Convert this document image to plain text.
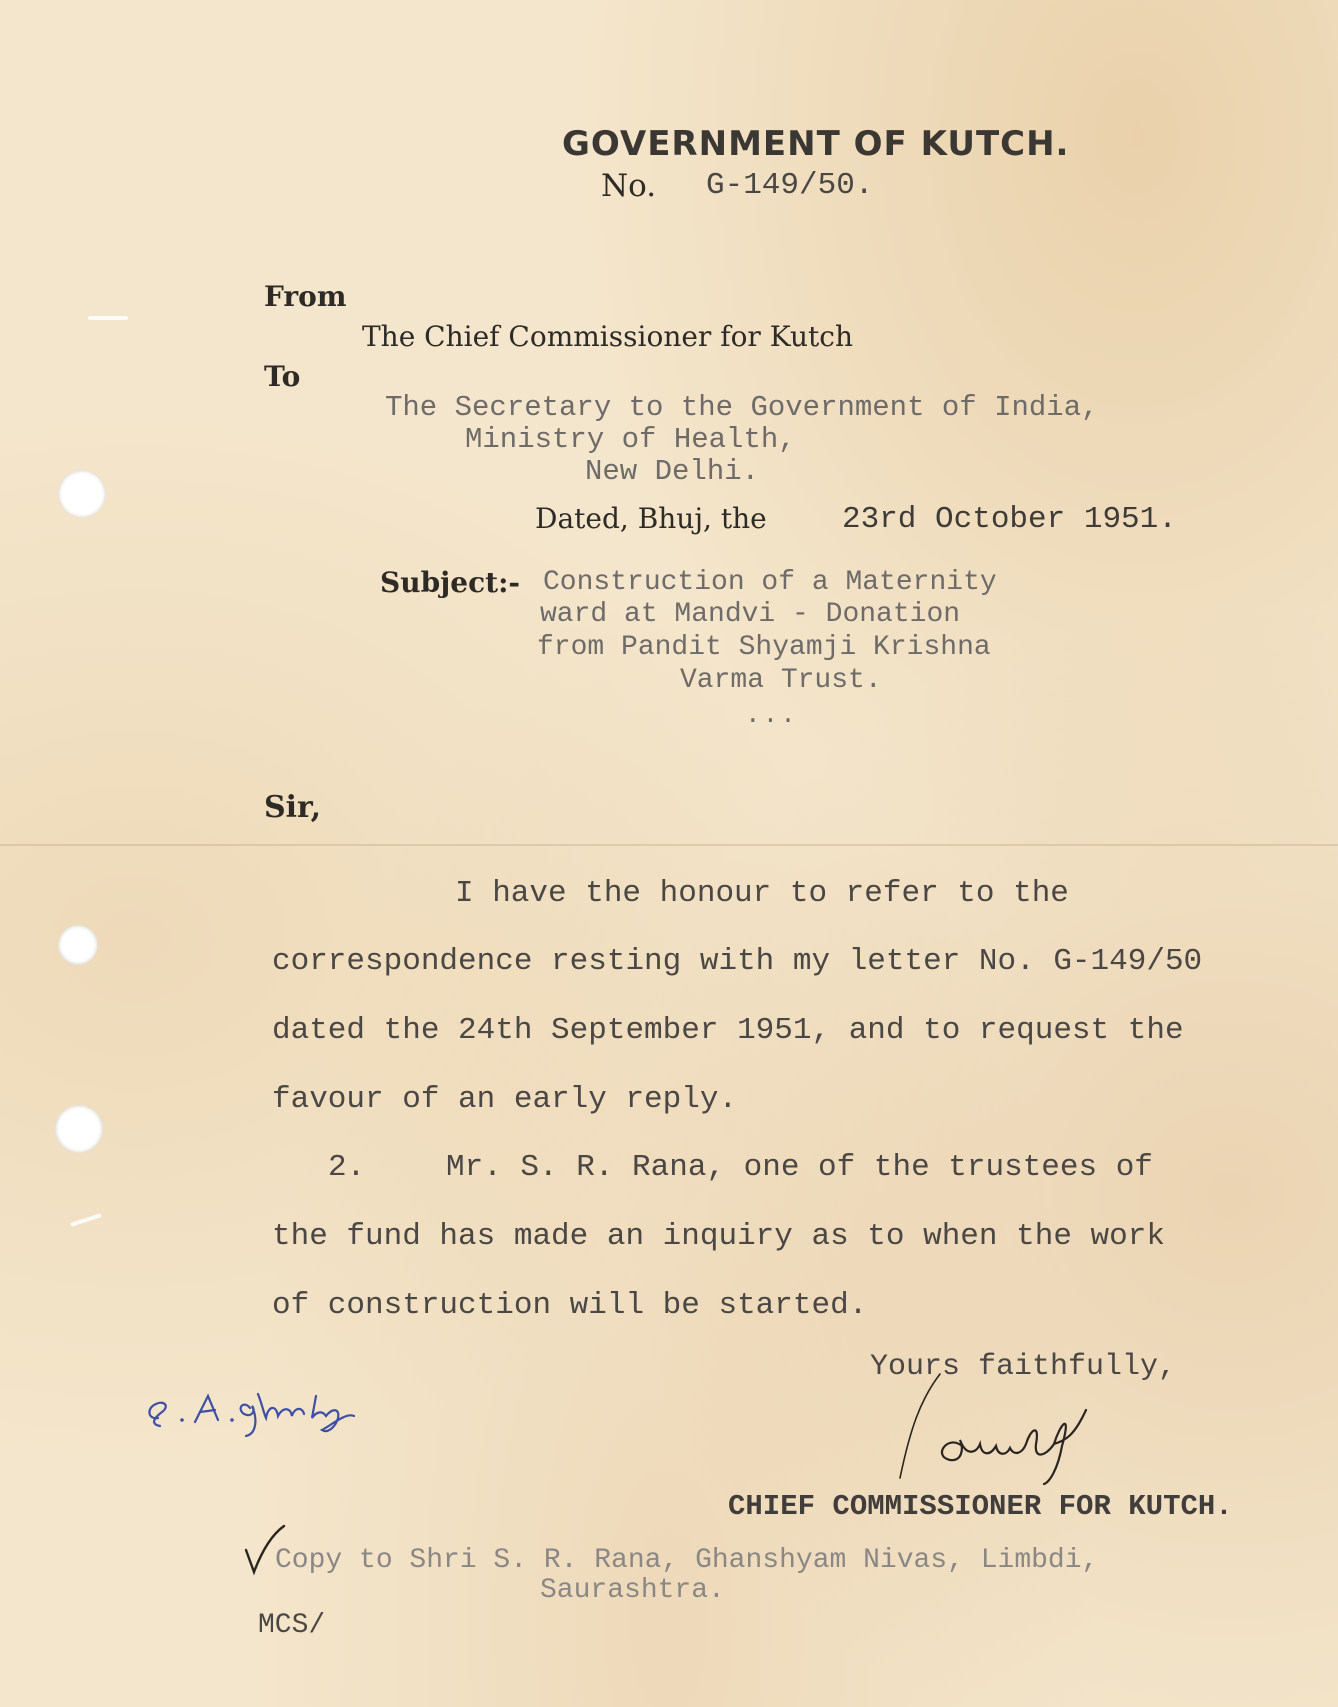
GOVERNMENT OF KUTCH.
No. G-149/50.
From
The Chief Commissioner for Kutch
To
The Secretary to the Government of India,
Ministry of Health,
New Delhi.
Dated, Bhuj, the 23rd October 1951.
Subject:- Construction of a Maternity
ward at Mandvi - Donation
from Pandit Shyamji Krishna
Varma Trust.
...
Sir,
I have the honour to refer to the
correspondence resting with my letter No. G-149/50
dated the 24th September 1951, and to request the
favour of an early reply.
2.	Mr. S. R. Rana, one of the trustees of
the fund has made an inquiry as to when the work
of construction will be started.
Yours faithfully,
CHIEF COMMISSIONER FOR KUTCH.
Copy to Shri S. R. Rana, Ghanshyam Nivas, Limbdi,
Saurashtra.
MCS/
